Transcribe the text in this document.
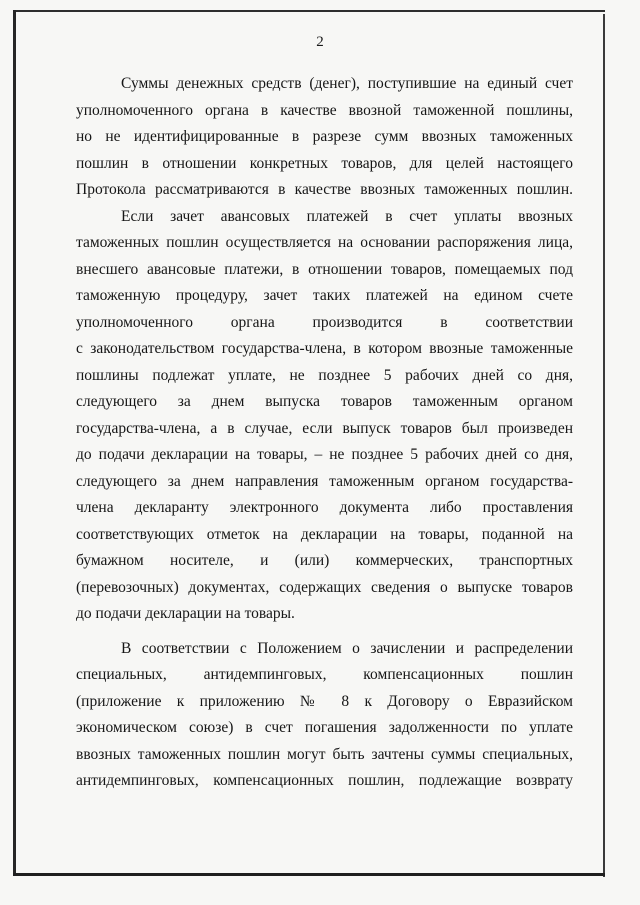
2
Суммы денежных средств (денег), поступившие на единый счет
уполномоченного органа в качестве ввозной таможенной пошлины,
но не идентифицированные в разрезе сумм ввозных таможенных
пошлин в отношении конкретных товаров, для целей настоящего
Протокола рассматриваются в качестве ввозных таможенных пошлин.
Если зачет авансовых платежей в счет уплаты ввозных
таможенных пошлин осуществляется на основании распоряжения лица,
внесшего авансовые платежи, в отношении товаров, помещаемых под
таможенную процедуру, зачет таких платежей на едином счете
уполномоченного органа производится в соответствии
с законодательством государства-члена, в котором ввозные таможенные
пошлины подлежат уплате, не позднее 5 рабочих дней со дня,
следующего за днем выпуска товаров таможенным органом
государства-члена, а в случае, если выпуск товаров был произведен
до подачи декларации на товары, – не позднее 5 рабочих дней со дня,
следующего за днем направления таможенным органом государства-
члена декларанту электронного документа либо проставления
соответствующих отметок на декларации на товары, поданной на
бумажном носителе, и (или) коммерческих, транспортных
(перевозочных) документах, содержащих сведения о выпуске товаров
до подачи декларации на товары.
В соответствии с Положением о зачислении и распределении
специальных, антидемпинговых, компенсационных пошлин
(приложение к приложению № 8 к Договору о Евразийском
экономическом союзе) в счет погашения задолженности по уплате
ввозных таможенных пошлин могут быть зачтены суммы специальных,
антидемпинговых, компенсационных пошлин, подлежащие возврату
